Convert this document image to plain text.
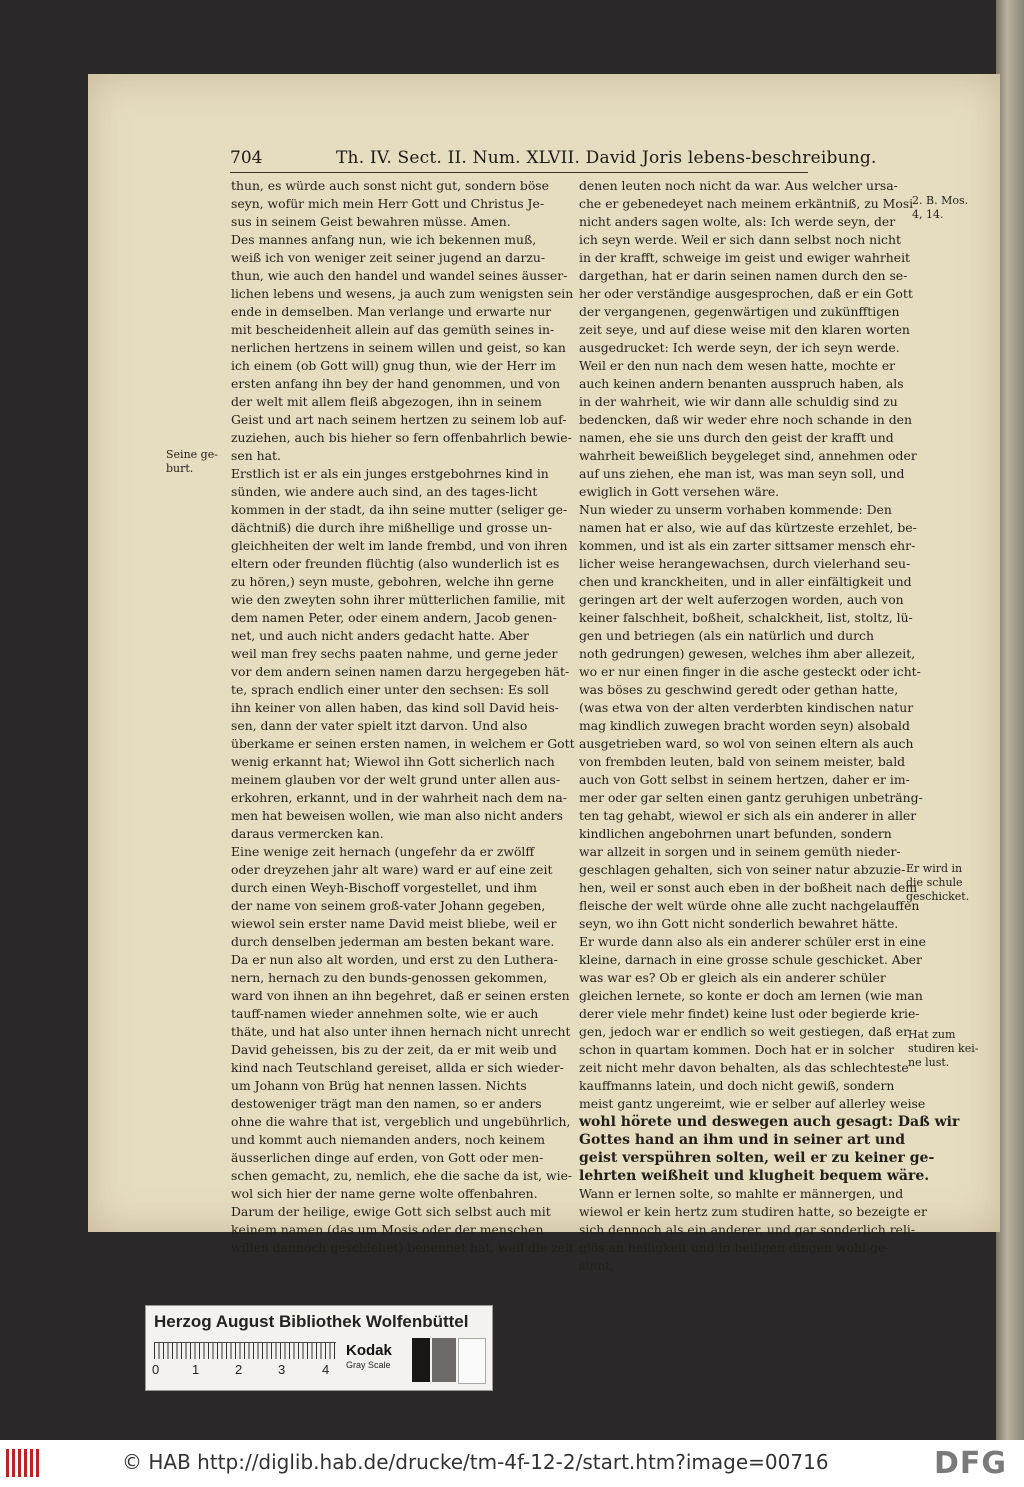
704	Th. IV. Sect. II. Num. XLVII. David Joris lebens-beschreibung.
Seine ge-
burt.
2. B. Mos.
4, 14.
Er wird in
die schule
geschicket.
Hat zum
studiren kei-
ne lust.
thun, es würde auch sonst nicht gut, sondern böse
seyn, wofür mich mein Herr Gott und Christus Je-
sus in seinem Geist bewahren müsse. Amen.
Des mannes anfang nun, wie ich bekennen muß,
weiß ich von weniger zeit seiner jugend an darzu-
thun, wie auch den handel und wandel seines äusser-
lichen lebens und wesens, ja auch zum wenigsten sein
ende in demselben. Man verlange und erwarte nur
mit bescheidenheit allein auf das gemüth seines in-
nerlichen hertzens in seinem willen und geist, so kan
ich einem (ob Gott will) gnug thun, wie der Herr im
ersten anfang ihn bey der hand genommen, und von
der welt mit allem fleiß abgezogen, ihn in seinem
Geist und art nach seinem hertzen zu seinem lob auf-
zuziehen, auch bis hieher so fern offenbahrlich bewie-
sen hat.
Erstlich ist er als ein junges erstgebohrnes kind in
sünden, wie andere auch sind, an des tages-licht
kommen in der stadt, da ihn seine mutter (seliger ge-
dächtniß) die durch ihre mißhellige und grosse un-
gleichheiten der welt im lande frembd, und von ihren
eltern oder freunden flüchtig (also wunderlich ist es
zu hören,) seyn muste, gebohren, welche ihn gerne
wie den zweyten sohn ihrer mütterlichen familie, mit
dem namen Peter, oder einem andern, Jacob genen-
net, und auch nicht anders gedacht hatte. Aber
weil man frey sechs paaten nahme, und gerne jeder
vor dem andern seinen namen darzu hergegeben hät-
te, sprach endlich einer unter den sechsen: Es soll
ihn keiner von allen haben, das kind soll David heis-
sen, dann der vater spielt itzt darvon. Und also
überkame er seinen ersten namen, in welchem er Gott
wenig erkannt hat; Wiewol ihn Gott sicherlich nach
meinem glauben vor der welt grund unter allen aus-
erkohren, erkannt, und in der wahrheit nach dem na-
men hat beweisen wollen, wie man also nicht anders
daraus vermercken kan.
Eine wenige zeit hernach (ungefehr da er zwölff
oder dreyzehen jahr alt ware) ward er auf eine zeit
durch einen Weyh-Bischoff vorgestellet, und ihm
der name von seinem groß-vater Johann gegeben,
wiewol sein erster name David meist bliebe, weil er
durch denselben jederman am besten bekant ware.
Da er nun also alt worden, und erst zu den Luthera-
nern, hernach zu den bunds-genossen gekommen,
ward von ihnen an ihn begehret, daß er seinen ersten
tauff-namen wieder annehmen solte, wie er auch
thäte, und hat also unter ihnen hernach nicht unrecht
David geheissen, bis zu der zeit, da er mit weib und
kind nach Teutschland gereiset, allda er sich wieder-
um Johann von Brüg hat nennen lassen. Nichts
destoweniger trägt man den namen, so er anders
ohne die wahre that ist, vergeblich und ungebührlich,
und kommt auch niemanden anders, noch keinem
äusserlichen dinge auf erden, von Gott oder men-
schen gemacht, zu, nemlich, ehe die sache da ist, wie-
wol sich hier der name gerne wolte offenbahren.
Darum der heilige, ewige Gott sich selbst auch mit
keinem namen (das um Mosis oder der menschen
willen dannoch geschiehet) benennet hat, weil die zeit
denen leuten noch nicht da war. Aus welcher ursa-
che er gebenedeyet nach meinem erkäntniß, zu Mosi
nicht anders sagen wolte, als: Ich werde seyn, der
ich seyn werde. Weil er sich dann selbst noch nicht
in der krafft, schweige im geist und ewiger wahrheit
dargethan, hat er darin seinen namen durch den se-
her oder verständige ausgesprochen, daß er ein Gott
der vergangenen, gegenwärtigen und zukünfftigen
zeit seye, und auf diese weise mit den klaren worten
ausgedrucket: Ich werde seyn, der ich seyn werde.
Weil er den nun nach dem wesen hatte, mochte er
auch keinen andern benanten ausspruch haben, als
in der wahrheit, wie wir dann alle schuldig sind zu
bedencken, daß wir weder ehre noch schande in den
namen, ehe sie uns durch den geist der krafft und
wahrheit beweißlich beygeleget sind, annehmen oder
auf uns ziehen, ehe man ist, was man seyn soll, und
ewiglich in Gott versehen wäre.
Nun wieder zu unserm vorhaben kommende: Den
namen hat er also, wie auf das kürtzeste erzehlet, be-
kommen, und ist als ein zarter sittsamer mensch ehr-
licher weise herangewachsen, durch vielerhand seu-
chen und kranckheiten, und in aller einfältigkeit und
geringen art der welt auferzogen worden, auch von
keiner falschheit, boßheit, schalckheit, list, stoltz, lü-
gen und betriegen (als ein natürlich und durch
noth gedrungen) gewesen, welches ihm aber allezeit,
wo er nur einen finger in die asche gesteckt oder icht-
was böses zu geschwind geredt oder gethan hatte,
(was etwa von der alten verderbten kindischen natur
mag kindlich zuwegen bracht worden seyn) alsobald
ausgetrieben ward, so wol von seinen eltern als auch
von frembden leuten, bald von seinem meister, bald
auch von Gott selbst in seinem hertzen, daher er im-
mer oder gar selten einen gantz geruhigen unbeträng-
ten tag gehabt, wiewol er sich als ein anderer in aller
kindlichen angebohrnen unart befunden, sondern
war allzeit in sorgen und in seinem gemüth nieder-
geschlagen gehalten, sich von seiner natur abzuzie-
hen, weil er sonst auch eben in der boßheit nach dem
fleische der welt würde ohne alle zucht nachgelauffen
seyn, wo ihn Gott nicht sonderlich bewahret hätte.
Er wurde dann also als ein anderer schüler erst in eine
kleine, darnach in eine grosse schule geschicket. Aber
was war es? Ob er gleich als ein anderer schüler
gleichen lernete, so konte er doch am lernen (wie man
derer viele mehr findet) keine lust oder begierde krie-
gen, jedoch war er endlich so weit gestiegen, daß er
schon in quartam kommen. Doch hat er in solcher
zeit nicht mehr davon behalten, als das schlechteste
kauffmanns latein, und doch nicht gewiß, sondern
meist gantz ungereimt, wie er selber auf allerley weise
wohl hörete und deswegen auch gesagt: Daß wir
Gottes hand an ihm und in seiner art und
geist verspühren solten, weil er zu keiner ge-
lehrten weißheit und klugheit bequem wäre.
Wann er lernen solte, so mahlte er männergen, und
wiewol er kein hertz zum studiren hatte, so bezeigte er
sich dennoch als ein anderer, und gar sonderlich reli-
giös an heiligkeit und in heiligen dingen wohl ge-
sinnt,
Herzog August Bibliothek Wolfenbüttel
0	1	2	3	4
Kodak
Gray Scale
© HAB http://diglib.hab.de/drucke/tm-4f-12-2/start.htm?image=00716	DFG
